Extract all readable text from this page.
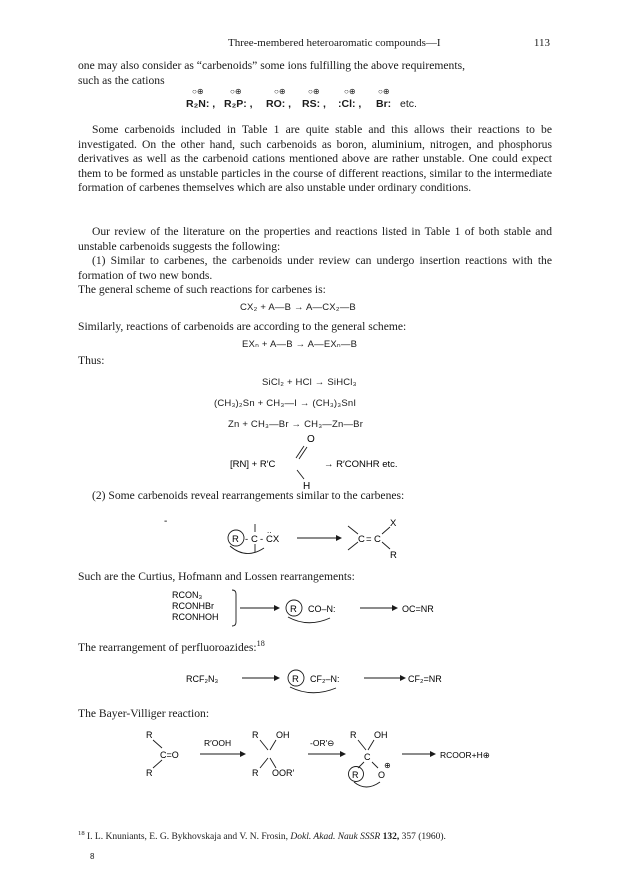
Three-membered heteroaromatic compounds—I	113
one may also consider as “carbenoids” some ions fulfilling the above requirements,
such as the cations
○⊕	○⊕	○⊕	○⊕	○⊕	○⊕
R₂N: , R₂P: , RO: , RS: , :Cl: , Br: etc.
Some carbenoids included in Table 1 are quite stable and this allows their reactions to be investigated. On the other hand, such carbenoids as boron, aluminium, nitrogen, and phosphorus derivatives as well as the carbenoid cations mentioned above are rather unstable. One could expect them to be formed as unstable particles in the course of different reactions, similar to the intermediate formation of carbenes themselves which are also unstable under ordinary conditions.
Our review of the literature on the properties and reactions listed in Table 1 of both stable and unstable carbenoids suggests the following:
(1) Similar to carbenes, the carbenoids under review can undergo insertion reactions with the formation of two new bonds.
The general scheme of such reactions for carbenes is:
CX₂ + A—B → A—CX₂—B
Similarly, reactions of carbenoids are according to the general scheme:
EXₙ + A—B → A—EXₙ—B
Thus:
SiCl₂ + HCl → SiHCl₃
(CH₃)₂Sn + CH₃—I → (CH₃)₃SnI
Zn + CH₃—Br → CH₃—Zn—Br
O
[RN] + R′C	→ R′CONHR etc.
H
(2) Some carbenoids reveal rearrangements similar to the carbenes:
-
R - C - CX
..
C = C
X
R
Such are the Curtius, Hofmann and Lossen rearrangements:
RCON₃
RCONHBr
RCONHOH
R CO–N:	OC=NR
The rearrangement of perfluoroazides:$^{18}$
RCF₂N₃	R CF₂–N:	CF₂=NR
The Bayer-Villiger reaction:
R
C=O
R
R′OOH
R OH
R OOR′
-OR′⊖
R OH
C
R O
⊕
RCOOR+H⊕
$^{18}$ I. L. Knuniants, E. G. Bykhovskaja and V. N. Frosin, Dokl. Akad. Nauk SSSR 132, 357 (1960).
8
